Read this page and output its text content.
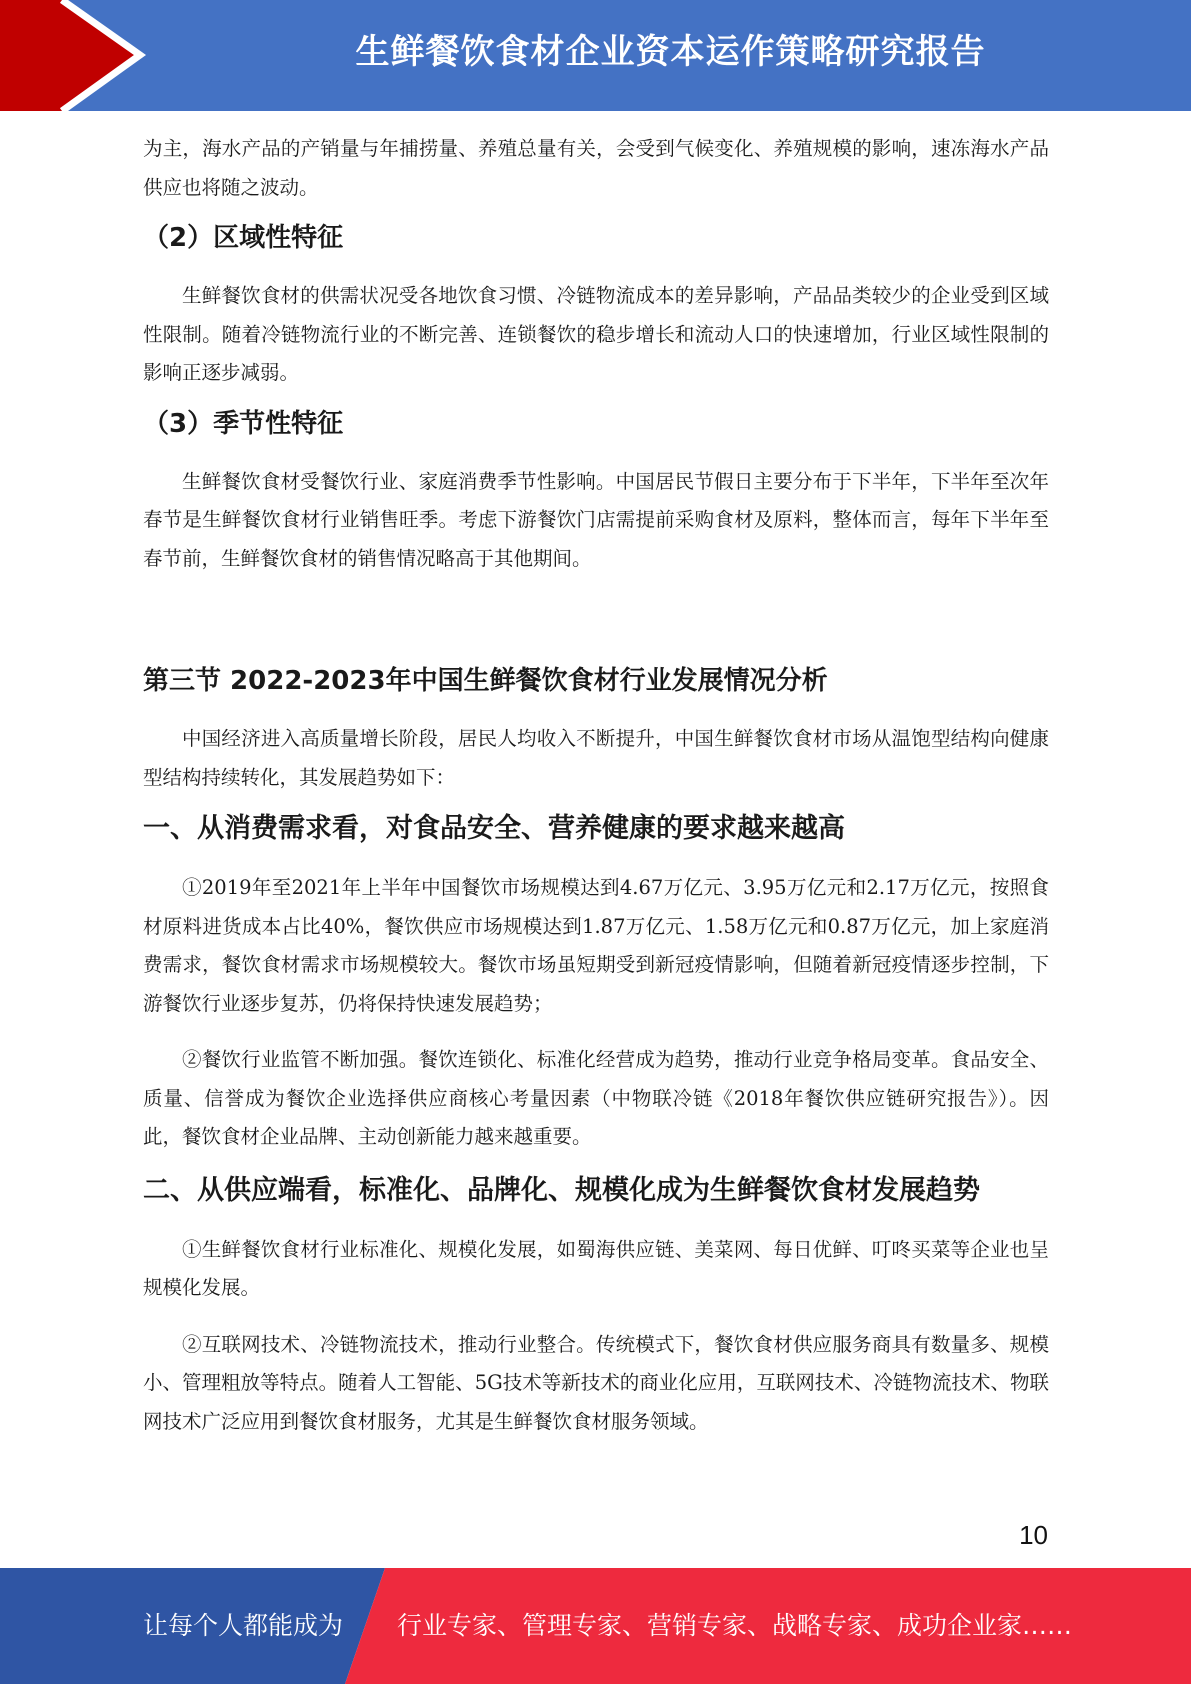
生鲜餐饮食材企业资本运作策略研究报告

为主，海水产品的产销量与年捕捞量、养殖总量有关，会受到气候变化、养殖规模的影响，速冻海水产品供应也将随之波动。

（2）区域性特征

生鲜餐饮食材的供需状况受各地饮食习惯、冷链物流成本的差异影响，产品品类较少的企业受到区域性限制。随着冷链物流行业的不断完善、连锁餐饮的稳步增长和流动人口的快速增加，行业区域性限制的影响正逐步减弱。

（3）季节性特征

生鲜餐饮食材受餐饮行业、家庭消费季节性影响。中国居民节假日主要分布于下半年，下半年至次年春节是生鲜餐饮食材行业销售旺季。考虑下游餐饮门店需提前采购食材及原料，整体而言，每年下半年至春节前，生鲜餐饮食材的销售情况略高于其他期间。

第三节 2022-2023年中国生鲜餐饮食材行业发展情况分析

中国经济进入高质量增长阶段，居民人均收入不断提升，中国生鲜餐饮食材市场从温饱型结构向健康型结构持续转化，其发展趋势如下：

一、从消费需求看，对食品安全、营养健康的要求越来越高

①2019年至2021年上半年中国餐饮市场规模达到4.67万亿元、3.95万亿元和2.17万亿元，按照食材原料进货成本占比40%，餐饮供应市场规模达到1.87万亿元、1.58万亿元和0.87万亿元，加上家庭消费需求，餐饮食材需求市场规模较大。餐饮市场虽短期受到新冠疫情影响，但随着新冠疫情逐步控制，下游餐饮行业逐步复苏，仍将保持快速发展趋势；

②餐饮行业监管不断加强。餐饮连锁化、标准化经营成为趋势，推动行业竞争格局变革。食品安全、质量、信誉成为餐饮企业选择供应商核心考量因素（中物联冷链《2018年餐饮供应链研究报告》）。因此，餐饮食材企业品牌、主动创新能力越来越重要。

二、从供应端看，标准化、品牌化、规模化成为生鲜餐饮食材发展趋势

①生鲜餐饮食材行业标准化、规模化发展，如蜀海供应链、美菜网、每日优鲜、叮咚买菜等企业也呈规模化发展。

②互联网技术、冷链物流技术，推动行业整合。传统模式下，餐饮食材供应服务商具有数量多、规模小、管理粗放等特点。随着人工智能、5G技术等新技术的商业化应用，互联网技术、冷链物流技术、物联网技术广泛应用到餐饮食材服务，尤其是生鲜餐饮食材服务领域。

10
让每个人都能成为 行业专家、管理专家、营销专家、战略专家、成功企业家……
